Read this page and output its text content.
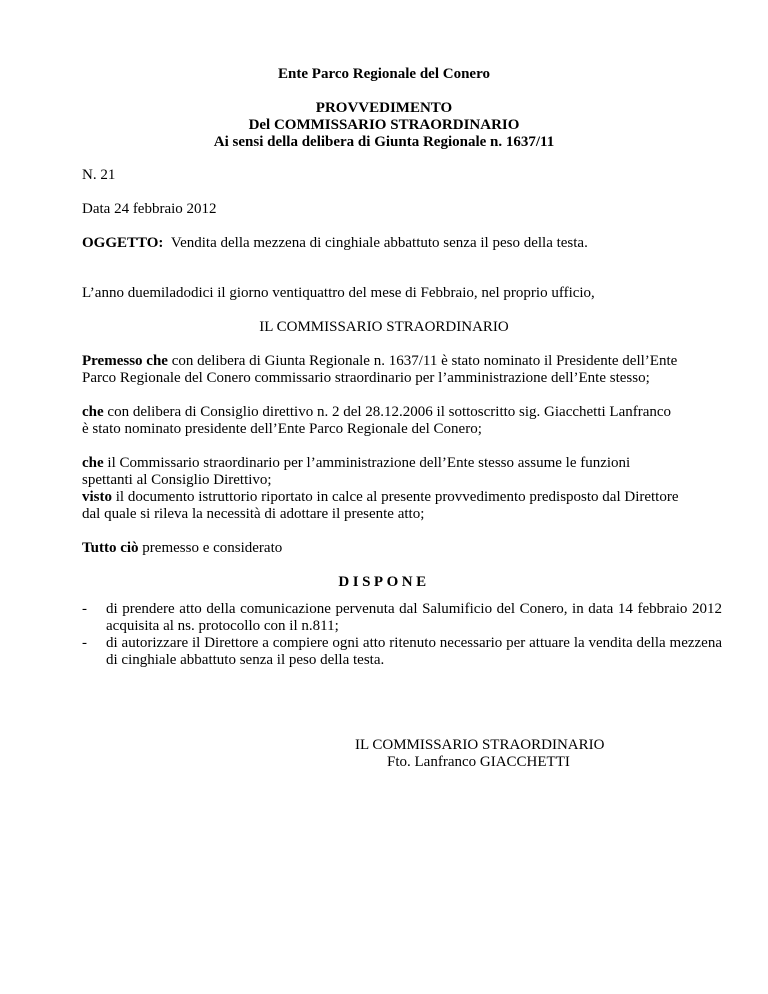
Ente Parco Regionale del Conero
PROVVEDIMENTO
Del COMMISSARIO STRAORDINARIO
Ai sensi della delibera di Giunta Regionale n. 1637/11
N. 21
Data 24 febbraio 2012
OGGETTO: Vendita della mezzena di cinghiale abbattuto senza il peso della testa.
L’anno duemiladodici il giorno ventiquattro del mese di Febbraio, nel proprio ufficio,
IL COMMISSARIO STRAORDINARIO

Premesso che con delibera di Giunta Regionale n. 1637/11 è stato nominato il Presidente dell’Ente

Parco Regionale del Conero commissario straordinario per l’amministrazione dell’Ente stesso;

che con delibera di Consiglio direttivo n. 2 del 28.12.2006 il sottoscritto sig. Giacchetti Lanfranco

è stato nominato presidente dell’Ente Parco Regionale del Conero;

che il Commissario straordinario per l’amministrazione dell’Ente stesso assume le funzioni

spettanti al Consiglio Direttivo;

visto il documento istruttorio riportato in calce al presente provvedimento predisposto dal Direttore

dal quale si rileva la necessità di adottare il presente atto;

Tutto ciò premesso e considerato
DISPONE
- di prendere atto della comunicazione pervenuta dal Salumificio del Conero, in data 14 febbraio 2012 acquisita al ns. protocollo con il n.811;
- di autorizzare il Direttore a compiere ogni atto ritenuto necessario per attuare la vendita della mezzena di cinghiale abbattuto senza il peso della testa.
IL COMMISSARIO STRAORDINARIO
Fto. Lanfranco GIACCHETTI
